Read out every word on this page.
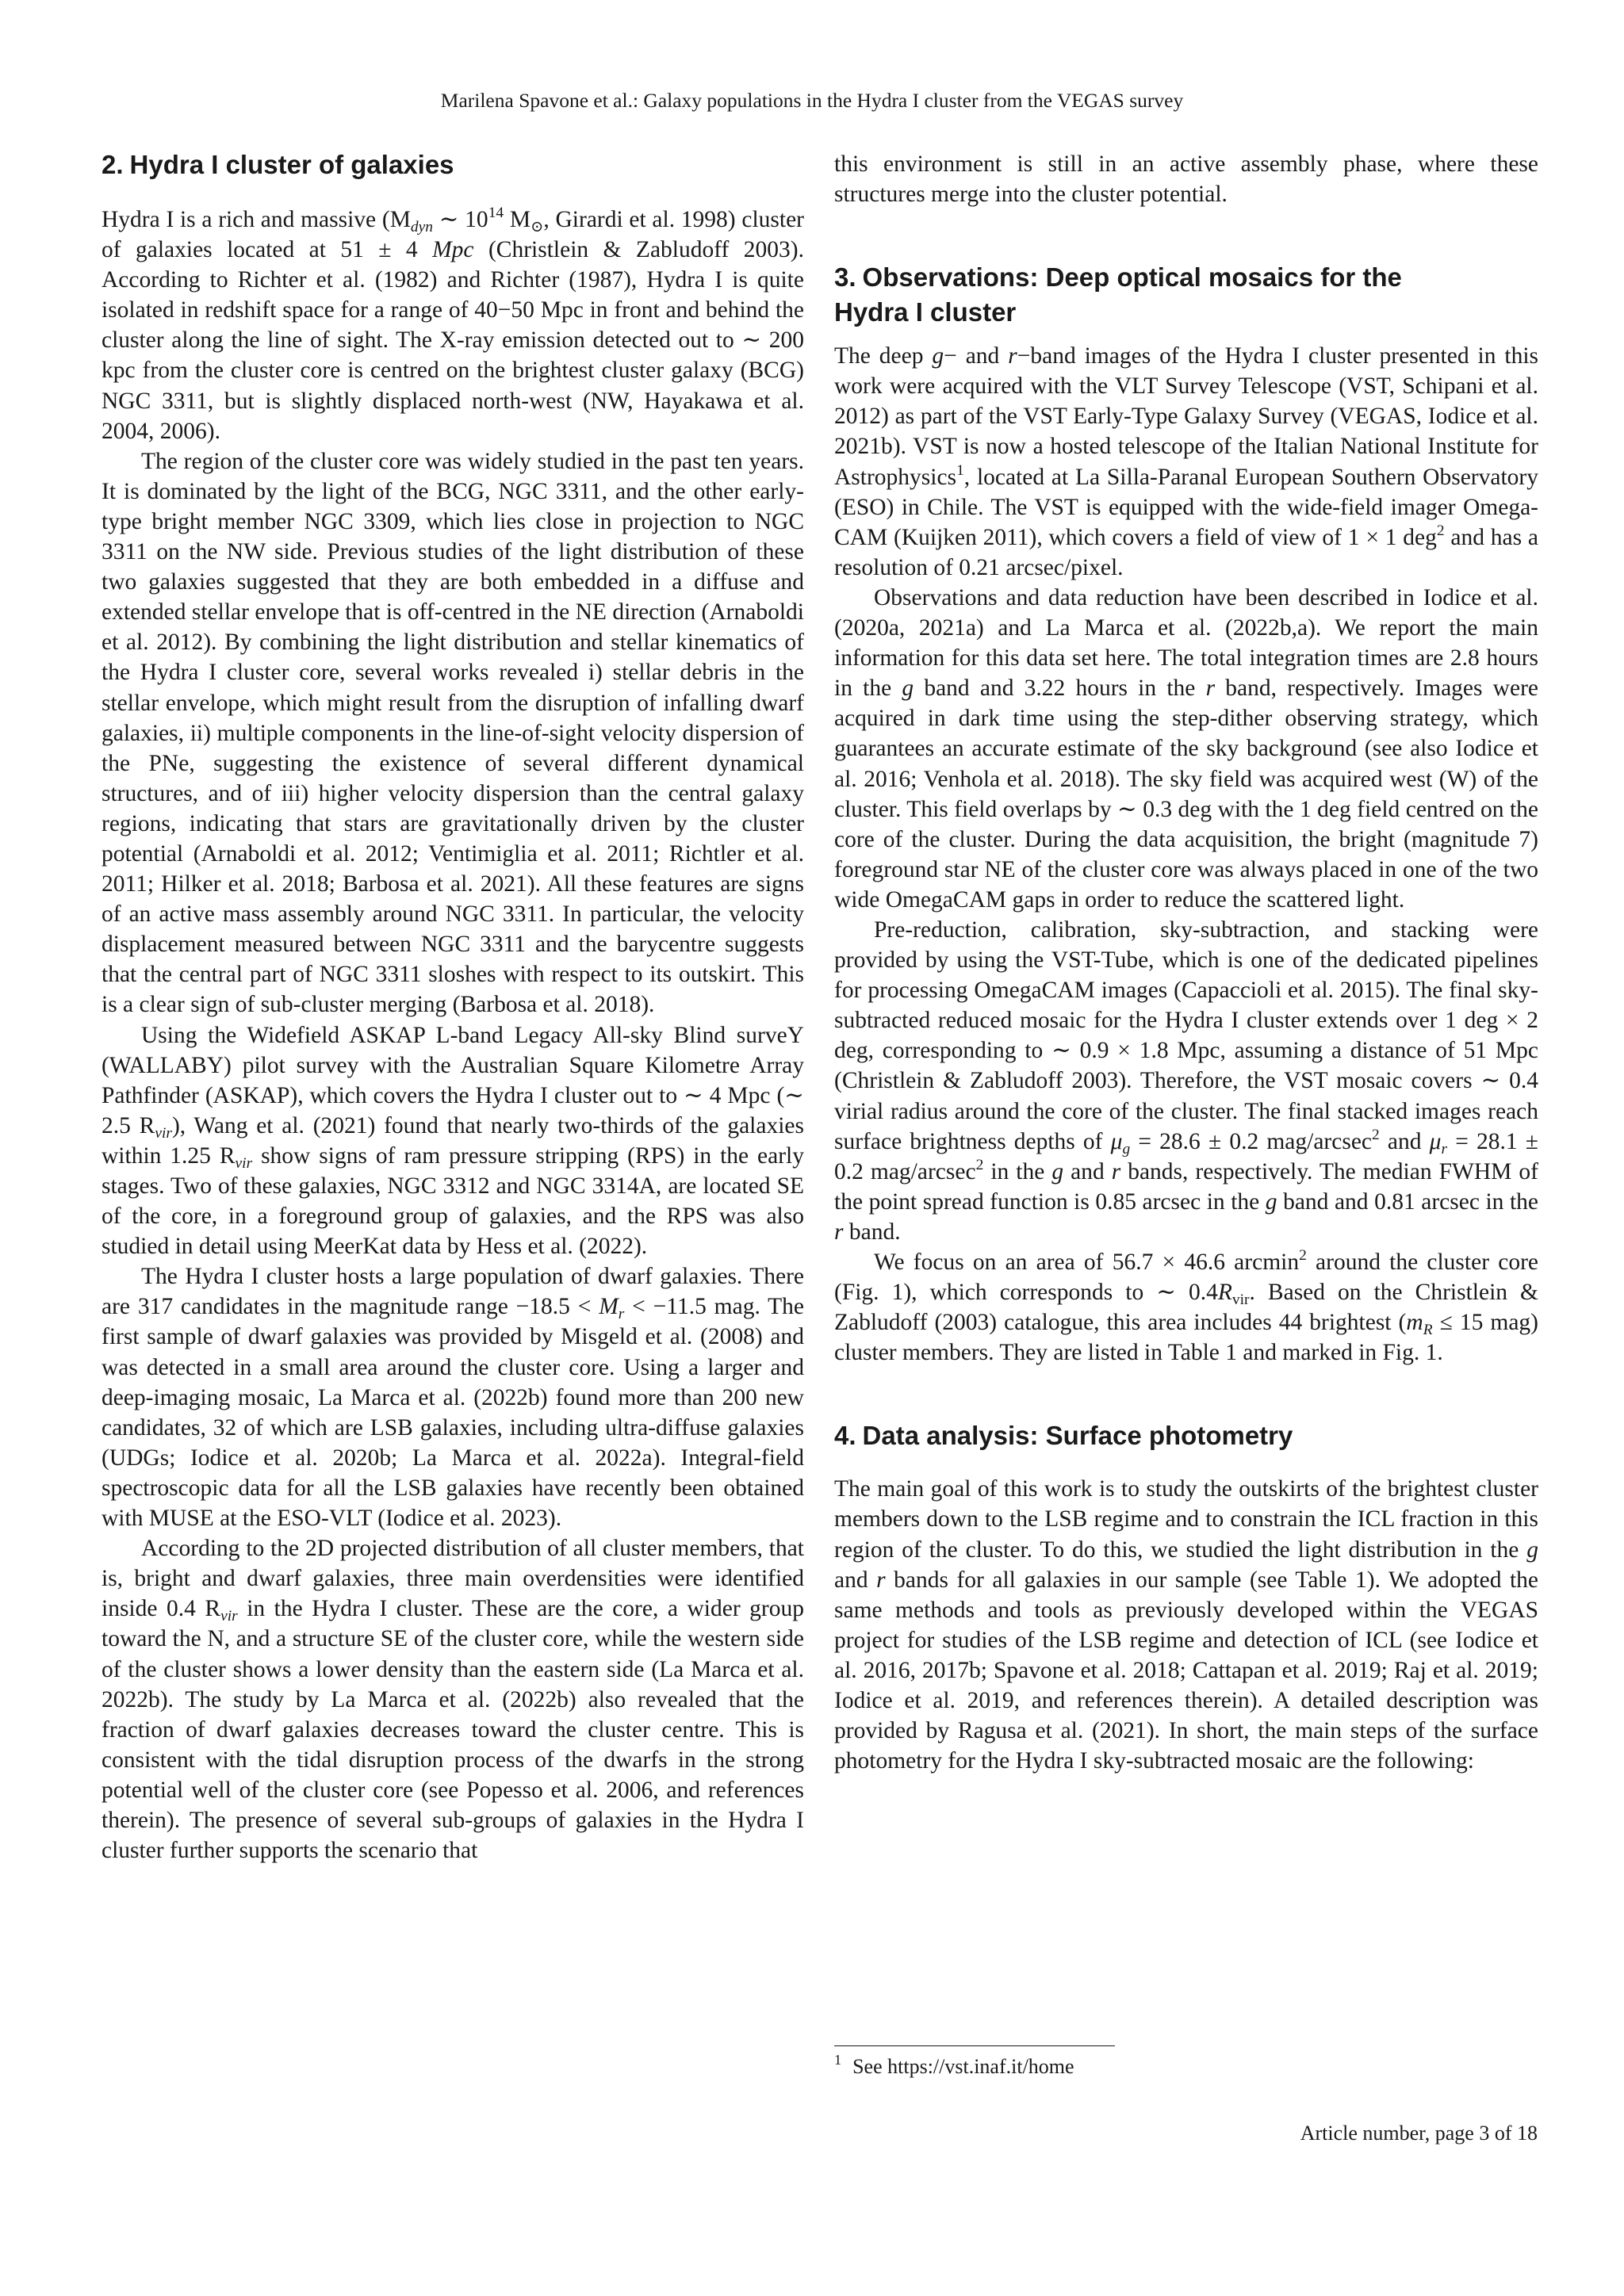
Marilena Spavone et al.: Galaxy populations in the Hydra I cluster from the VEGAS survey
2. Hydra I cluster of galaxies

Hydra I is a rich and massive ($M_{dyn}$ ∼ $10^{14}$ $M_⊙$, Girardi et al. 1998) cluster of galaxies located at 51 ± 4 Mpc (Christlein & Zabludoff 2003). According to Richter et al. (1982) and Richter (1987), Hydra I is quite isolated in redshift space for a range of 40−50 Mpc in front and behind the cluster along the line of sight. The X-ray emission detected out to ∼ 200 kpc from the cluster core is centred on the brightest cluster galaxy (BCG) NGC 3311, but is slightly displaced north-west (NW, Hayakawa et al. 2004, 2006).

The region of the cluster core was widely studied in the past ten years. It is dominated by the light of the BCG, NGC 3311, and the other early-type bright member NGC 3309, which lies close in projection to NGC 3311 on the NW side. Previous studies of the light distribution of these two galaxies suggested that they are both embedded in a diffuse and extended stellar envelope that is off-centred in the NE direction (Arnaboldi et al. 2012). By combining the light distribution and stellar kinematics of the Hydra I cluster core, several works revealed i) stellar debris in the stellar envelope, which might result from the disruption of infalling dwarf galaxies, ii) multiple components in the line-of-sight velocity dispersion of the PNe, suggesting the existence of several different dynamical structures, and of iii) higher velocity dispersion than the central galaxy regions, indicating that stars are gravitationally driven by the cluster potential (Arnaboldi et al. 2012; Ventimiglia et al. 2011; Richtler et al. 2011; Hilker et al. 2018; Barbosa et al. 2021). All these features are signs of an active mass assembly around NGC 3311. In particular, the velocity displacement measured between NGC 3311 and the barycentre suggests that the central part of NGC 3311 sloshes with respect to its outskirt. This is a clear sign of sub-cluster merging (Barbosa et al. 2018).

Using the Widefield ASKAP L-band Legacy All-sky Blind surveY (WALLABY) pilot survey with the Australian Square Kilometre Array Pathfinder (ASKAP), which covers the Hydra I cluster out to ∼ 4 Mpc (∼ 2.5 $R_{vir}$), Wang et al. (2021) found that nearly two-thirds of the galaxies within 1.25 $R_{vir}$ show signs of ram pressure stripping (RPS) in the early stages. Two of these galaxies, NGC 3312 and NGC 3314A, are located SE of the core, in a foreground group of galaxies, and the RPS was also studied in detail using MeerKat data by Hess et al. (2022).

The Hydra I cluster hosts a large population of dwarf galaxies. There are 317 candidates in the magnitude range $-18.5 < M_r < -11.5$ mag. The first sample of dwarf galaxies was provided by Misgeld et al. (2008) and was detected in a small area around the cluster core. Using a larger and deep-imaging mosaic, La Marca et al. (2022b) found more than 200 new candidates, 32 of which are LSB galaxies, including ultra-diffuse galaxies (UDGs; Iodice et al. 2020b; La Marca et al. 2022a). Integral-field spectroscopic data for all the LSB galaxies have recently been obtained with MUSE at the ESO-VLT (Iodice et al. 2023).

According to the 2D projected distribution of all cluster members, that is, bright and dwarf galaxies, three main overdensities were identified inside 0.4 $R_{vir}$ in the Hydra I cluster. These are the core, a wider group toward the N, and a structure SE of the cluster core, while the western side of the cluster shows a lower density than the eastern side (La Marca et al. 2022b). The study by La Marca et al. (2022b) also revealed that the fraction of dwarf galaxies decreases toward the cluster centre. This is consistent with the tidal disruption process of the dwarfs in the strong potential well of the cluster core (see Popesso et al. 2006, and references therein). The presence of several sub-groups of galaxies in the Hydra I cluster further supports the scenario that

this environment is still in an active assembly phase, where these structures merge into the cluster potential.

3. Observations: Deep optical mosaics for the Hydra I cluster

The deep g− and r−band images of the Hydra I cluster presented in this work were acquired with the VLT Survey Telescope (VST, Schipani et al. 2012) as part of the VST Early-Type Galaxy Survey (VEGAS, Iodice et al. 2021b). VST is now a hosted telescope of the Italian National Institute for Astrophysics$^1$, located at La Silla-Paranal European Southern Observatory (ESO) in Chile. The VST is equipped with the wide-field imager OmegaCAM (Kuijken 2011), which covers a field of view of 1 × 1 deg$^2$ and has a resolution of 0.21 arcsec/pixel.

Observations and data reduction have been described in Iodice et al. (2020a, 2021a) and La Marca et al. (2022b,a). We report the main information for this data set here. The total integration times are 2.8 hours in the g band and 3.22 hours in the r band, respectively. Images were acquired in dark time using the step-dither observing strategy, which guarantees an accurate estimate of the sky background (see also Iodice et al. 2016; Venhola et al. 2018). The sky field was acquired west (W) of the cluster. This field overlaps by ∼ 0.3 deg with the 1 deg field centred on the core of the cluster. During the data acquisition, the bright (magnitude 7) foreground star NE of the cluster core was always placed in one of the two wide OmegaCAM gaps in order to reduce the scattered light.

Pre-reduction, calibration, sky-subtraction, and stacking were provided by using the VST-Tube, which is one of the dedicated pipelines for processing OmegaCAM images (Capaccioli et al. 2015). The final sky-subtracted reduced mosaic for the Hydra I cluster extends over 1 deg × 2 deg, corresponding to ∼ 0.9 × 1.8 Mpc, assuming a distance of 51 Mpc (Christlein & Zabludoff 2003). Therefore, the VST mosaic covers ∼ 0.4 virial radius around the core of the cluster. The final stacked images reach surface brightness depths of $\mu_g = 28.6 \pm 0.2$ mag/arcsec$^2$ and $\mu_r = 28.1 \pm 0.2$ mag/arcsec$^2$ in the g and r bands, respectively. The median FWHM of the point spread function is 0.85 arcsec in the g band and 0.81 arcsec in the r band.

We focus on an area of 56.7 × 46.6 arcmin$^2$ around the cluster core (Fig. 1), which corresponds to ∼ $0.4R_{vir}$. Based on the Christlein & Zabludoff (2003) catalogue, this area includes 44 brightest ($m_R \le 15$ mag) cluster members. They are listed in Table 1 and marked in Fig. 1.

4. Data analysis: Surface photometry

The main goal of this work is to study the outskirts of the brightest cluster members down to the LSB regime and to constrain the ICL fraction in this region of the cluster. To do this, we studied the light distribution in the g and r bands for all galaxies in our sample (see Table 1). We adopted the same methods and tools as previously developed within the VEGAS project for studies of the LSB regime and detection of ICL (see Iodice et al. 2016, 2017b; Spavone et al. 2018; Cattapan et al. 2019; Raj et al. 2019; Iodice et al. 2019, and references therein). A detailed description was provided by Ragusa et al. (2021). In short, the main steps of the surface photometry for the Hydra I sky-subtracted mosaic are the following:

$^1$ See https://vst.inaf.it/home
Article number, page 3 of 18
